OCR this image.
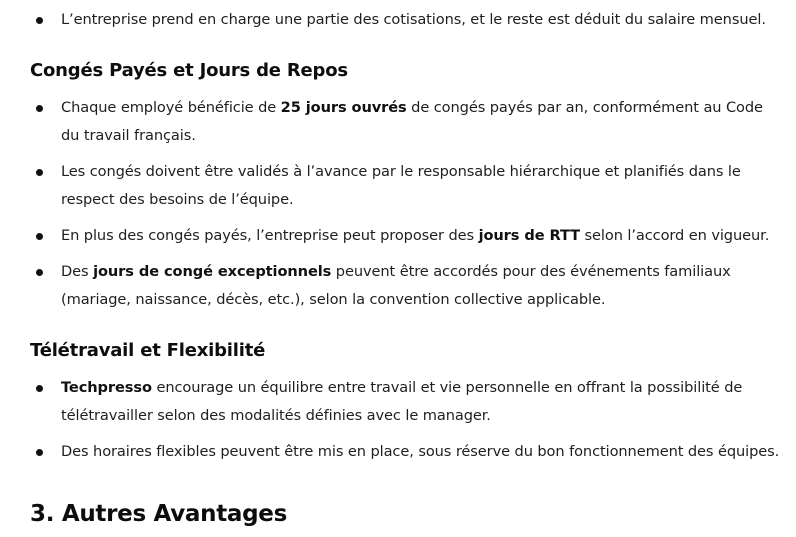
L’entreprise prend en charge une partie des cotisations, et le reste est déduit du salaire mensuel.
Congés Payés et Jours de Repos
Chaque employé bénéficie de 25 jours ouvrés de congés payés par an, conformément au Code du travail français.
Les congés doivent être validés à l’avance par le responsable hiérarchique et planifiés dans le respect des besoins de l’équipe.
En plus des congés payés, l’entreprise peut proposer des jours de RTT selon l’accord en vigueur.
Des jours de congé exceptionnels peuvent être accordés pour des événements familiaux (mariage, naissance, décès, etc.), selon la convention collective applicable.
Télétravail et Flexibilité
Techpresso encourage un équilibre entre travail et vie personnelle en offrant la possibilité de télétravailler selon des modalités définies avec le manager.
Des horaires flexibles peuvent être mis en place, sous réserve du bon fonctionnement des équipes.
3. Autres Avantages
